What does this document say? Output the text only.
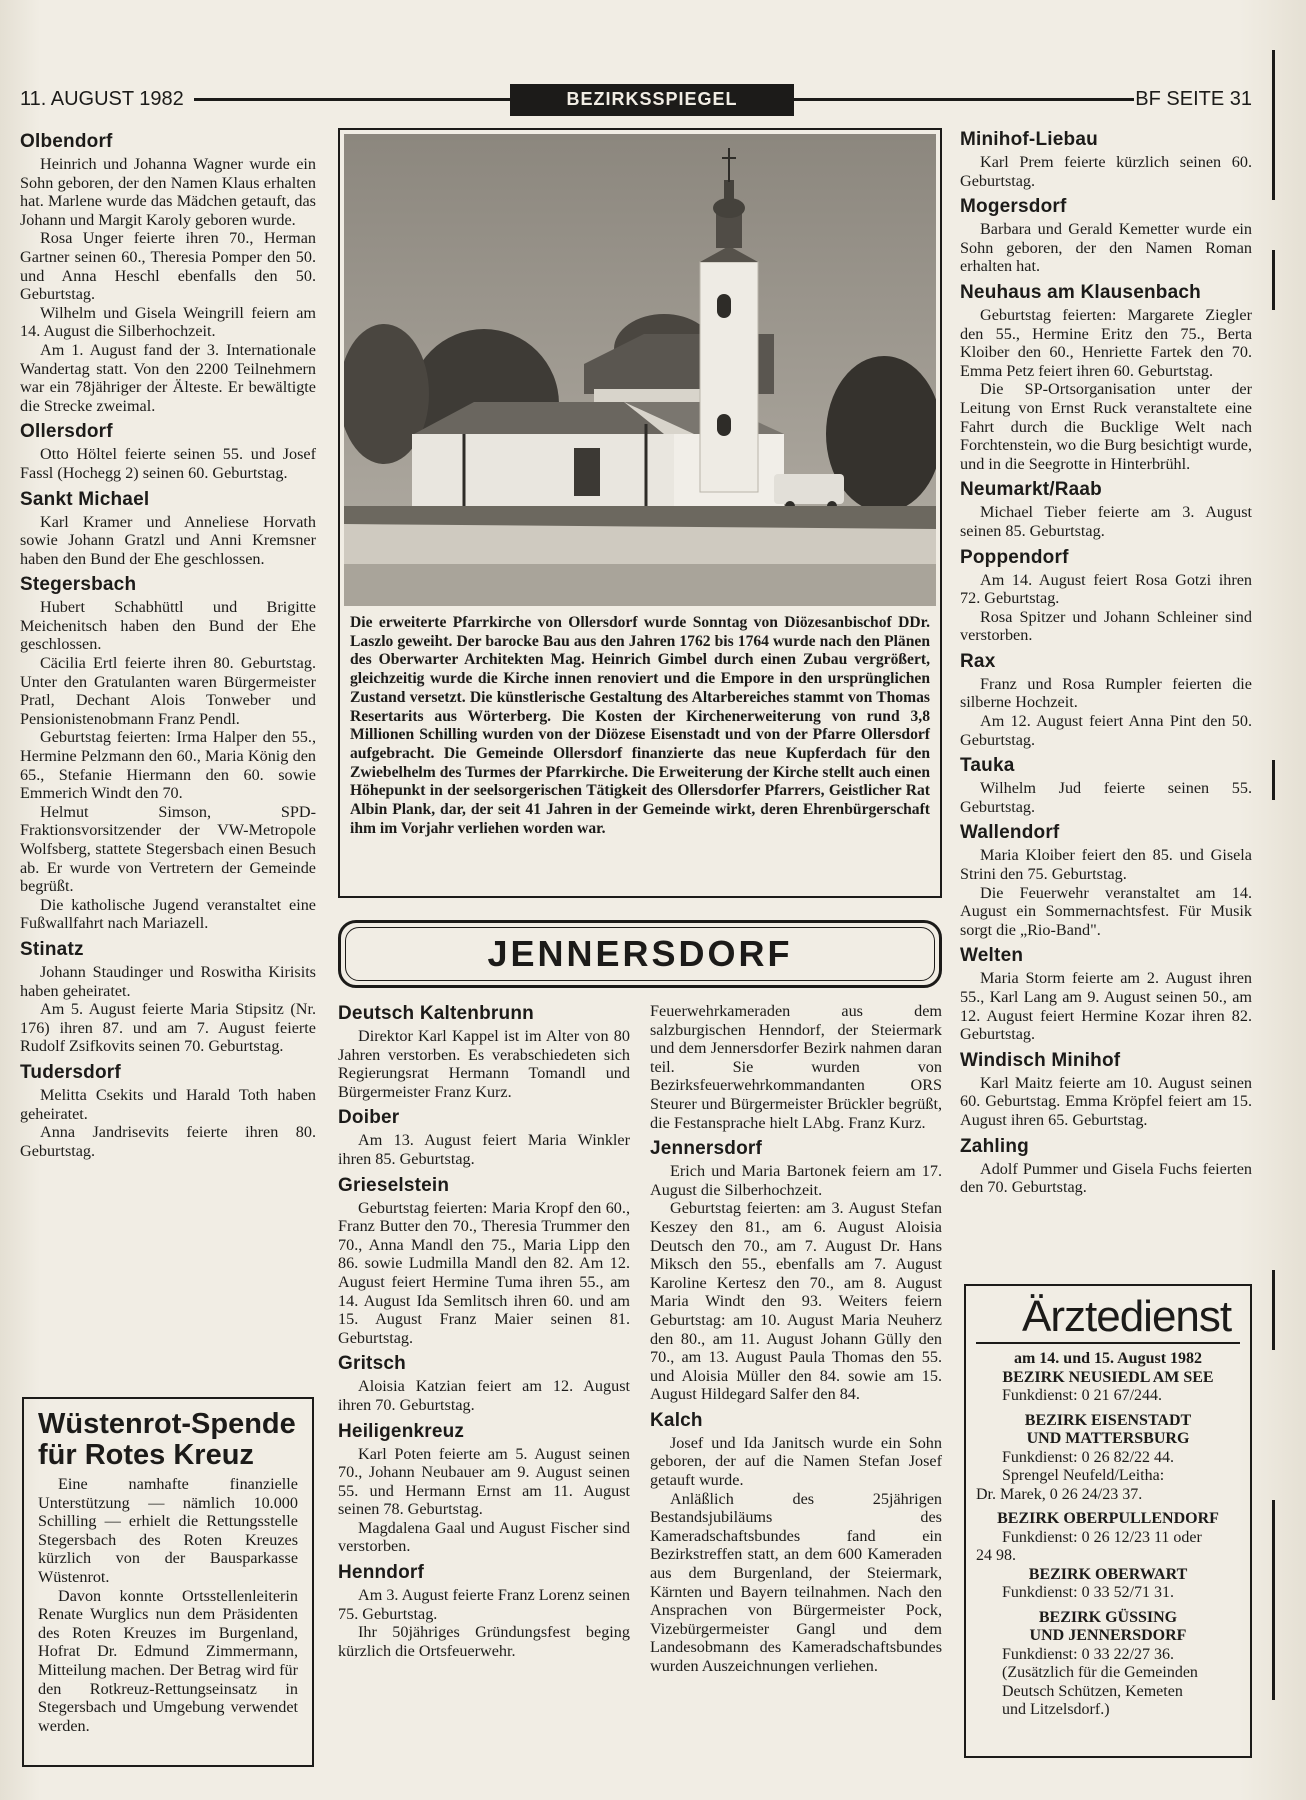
11. AUGUST 1982	BEZIRKSSPIEGEL	BF SEITE 31
Olbendorf

Heinrich und Johanna Wagner wurde ein Sohn geboren, der den Namen Klaus erhalten hat. Marlene wurde das Mädchen getauft, das Johann und Margit Karoly geboren wurde.

Rosa Unger feierte ihren 70., Herman Gartner seinen 60., Theresia Pomper den 50. und Anna Heschl ebenfalls den 50. Geburtstag.

Wilhelm und Gisela Weingrill feiern am 14. August die Silberhochzeit.

Am 1. August fand der 3. Internationale Wandertag statt. Von den 2200 Teilnehmern war ein 78jähriger der Älteste. Er bewältigte die Strecke zweimal.

Ollersdorf

Otto Höltel feierte seinen 55. und Josef Fassl (Hochegg 2) seinen 60. Geburtstag.

Sankt Michael

Karl Kramer und Anneliese Horvath sowie Johann Gratzl und Anni Kremsner haben den Bund der Ehe geschlossen.

Stegersbach

Hubert Schabhüttl und Brigitte Meichenitsch haben den Bund der Ehe geschlossen.

Cäcilia Ertl feierte ihren 80. Geburtstag. Unter den Gratulanten waren Bürgermeister Pratl, Dechant Alois Tonweber und Pensionistenobmann Franz Pendl.

Geburtstag feierten: Irma Halper den 55., Hermine Pelzmann den 60., Maria König den 65., Stefanie Hiermann den 60. sowie Emmerich Windt den 70.

Helmut Simson, SPD-Fraktionsvorsitzender der VW-Metropole Wolfsberg, stattete Stegersbach einen Besuch ab. Er wurde von Vertretern der Gemeinde begrüßt.

Die katholische Jugend veranstaltet eine Fußwallfahrt nach Mariazell.

Stinatz

Johann Staudinger und Roswitha Kirisits haben geheiratet.

Am 5. August feierte Maria Stipsitz (Nr. 176) ihren 87. und am 7. August feierte Rudolf Zsifkovits seinen 70. Geburtstag.

Tudersdorf

Melitta Csekits und Harald Toth haben geheiratet.

Anna Jandrisevits feierte ihren 80. Geburtstag.

Wüstenrot-Spende für Rotes Kreuz

Eine namhafte finanzielle Unterstützung — nämlich 10.000 Schilling — erhielt die Rettungsstelle Stegersbach des Roten Kreuzes kürzlich von der Bausparkasse Wüstenrot.

Davon konnte Ortsstellenleiterin Renate Wurglics nun dem Präsidenten des Roten Kreuzes im Burgenland, Hofrat Dr. Edmund Zimmermann, Mitteilung machen. Der Betrag wird für den Rotkreuz-Rettungseinsatz in Stegersbach und Umgebung verwendet werden.

Die erweiterte Pfarrkirche von Ollersdorf wurde Sonntag von Diözesanbischof DDr. Laszlo geweiht. Der barocke Bau aus den Jahren 1762 bis 1764 wurde nach den Plänen des Oberwarter Architekten Mag. Heinrich Gimbel durch einen Zubau vergrößert, gleichzeitig wurde die Kirche innen renoviert und die Empore in den ursprünglichen Zustand versetzt. Die künstlerische Gestaltung des Altarbereiches stammt von Thomas Resertarits aus Wörterberg. Die Kosten der Kirchenerweiterung von rund 3,8 Millionen Schilling wurden von der Diözese Eisenstadt und von der Pfarre Ollersdorf aufgebracht. Die Gemeinde Ollersdorf finanzierte das neue Kupferdach für den Zwiebelhelm des Turmes der Pfarrkirche. Die Erweiterung der Kirche stellt auch einen Höhepunkt in der seelsorgerischen Tätigkeit des Ollersdorfer Pfarrers, Geistlicher Rat Albin Plank, dar, der seit 41 Jahren in der Gemeinde wirkt, deren Ehrenbürgerschaft ihm im Vorjahr verliehen worden war.
JENNERSDORF
Deutsch Kaltenbrunn

Direktor Karl Kappel ist im Alter von 80 Jahren verstorben. Es verabschiedeten sich Regierungsrat Hermann Tomandl und Bürgermeister Franz Kurz.

Doiber

Am 13. August feiert Maria Winkler ihren 85. Geburtstag.

Grieselstein

Geburtstag feierten: Maria Kropf den 60., Franz Butter den 70., Theresia Trummer den 70., Anna Mandl den 75., Maria Lipp den 86. sowie Ludmilla Mandl den 82. Am 12. August feiert Hermine Tuma ihren 55., am 14. August Ida Semlitsch ihren 60. und am 15. August Franz Maier seinen 81. Geburtstag.

Gritsch

Aloisia Katzian feiert am 12. August ihren 70. Geburtstag.

Heiligenkreuz

Karl Poten feierte am 5. August seinen 70., Johann Neubauer am 9. August seinen 55. und Hermann Ernst am 11. August seinen 78. Geburtstag.

Magdalena Gaal und August Fischer sind verstorben.

Henndorf

Am 3. August feierte Franz Lorenz seinen 75. Geburtstag.

Ihr 50jähriges Gründungsfest beging kürzlich die Ortsfeuerwehr.

Feuerwehrkameraden aus dem salzburgischen Henndorf, der Steiermark und dem Jennersdorfer Bezirk nahmen daran teil. Sie wurden von Bezirksfeuerwehrkommandanten ORS Steurer und Bürgermeister Brückler begrüßt, die Festansprache hielt LAbg. Franz Kurz.

Jennersdorf

Erich und Maria Bartonek feiern am 17. August die Silberhochzeit.

Geburtstag feierten: am 3. August Stefan Keszey den 81., am 6. August Aloisia Deutsch den 70., am 7. August Dr. Hans Miksch den 55., ebenfalls am 7. August Karoline Kertesz den 70., am 8. August Maria Windt den 93. Weiters feiern Geburtstag: am 10. August Maria Neuherz den 80., am 11. August Johann Gülly den 70., am 13. August Paula Thomas den 55. und Aloisia Müller den 84. sowie am 15. August Hildegard Salfer den 84.

Kalch

Josef und Ida Janitsch wurde ein Sohn geboren, der auf die Namen Stefan Josef getauft wurde.

Anläßlich des 25jährigen Bestandsjubiläums des Kameradschaftsbundes fand ein Bezirkstreffen statt, an dem 600 Kameraden aus dem Burgenland, der Steiermark, Kärnten und Bayern teilnahmen. Nach den Ansprachen von Bürgermeister Pock, Vizebürgermeister Gangl und dem Landesobmann des Kameradschaftsbundes wurden Auszeichnungen verliehen.

Minihof-Liebau

Karl Prem feierte kürzlich seinen 60. Geburtstag.

Mogersdorf

Barbara und Gerald Kemetter wurde ein Sohn geboren, der den Namen Roman erhalten hat.

Neuhaus am Klausenbach

Geburtstag feierten: Margarete Ziegler den 55., Hermine Eritz den 75., Berta Kloiber den 60., Henriette Fartek den 70. Emma Petz feiert ihren 60. Geburtstag.

Die SP-Ortsorganisation unter der Leitung von Ernst Ruck veranstaltete eine Fahrt durch die Bucklige Welt nach Forchtenstein, wo die Burg besichtigt wurde, und in die Seegrotte in Hinterbrühl.

Neumarkt/Raab

Michael Tieber feierte am 3. August seinen 85. Geburtstag.

Poppendorf

Am 14. August feiert Rosa Gotzi ihren 72. Geburtstag.

Rosa Spitzer und Johann Schleiner sind verstorben.

Rax

Franz und Rosa Rumpler feierten die silberne Hochzeit.

Am 12. August feiert Anna Pint den 50. Geburtstag.

Tauka

Wilhelm Jud feierte seinen 55. Geburtstag.

Wallendorf

Maria Kloiber feiert den 85. und Gisela Strini den 75. Geburtstag.

Die Feuerwehr veranstaltet am 14. August ein Sommernachtsfest. Für Musik sorgt die „Rio-Band".

Welten

Maria Storm feierte am 2. August ihren 55., Karl Lang am 9. August seinen 50., am 12. August feiert Hermine Kozar ihren 82. Geburtstag.

Windisch Minihof

Karl Maitz feierte am 10. August seinen 60. Geburtstag. Emma Kröpfel feiert am 15. August ihren 65. Geburtstag.

Zahling

Adolf Pummer und Gisela Fuchs feierten den 70. Geburtstag.

Ärztedienst
am 14. und 15. August 1982
BEZIRK NEUSIEDL AM SEE
Funkdienst: 0 21 67/244.
BEZIRK EISENSTADT
UND MATTERSBURG
Funkdienst: 0 26 82/22 44.
Sprengel Neufeld/Leitha:
Dr. Marek, 0 26 24/23 37.
BEZIRK OBERPULLENDORF
Funkdienst: 0 26 12/23 11 oder
24 98.
BEZIRK OBERWART
Funkdienst: 0 33 52/71 31.
BEZIRK GÜSSING
UND JENNERSDORF
Funkdienst: 0 33 22/27 36.
(Zusätzlich für die Gemeinden
Deutsch Schützen, Kemeten
und Litzelsdorf.)
